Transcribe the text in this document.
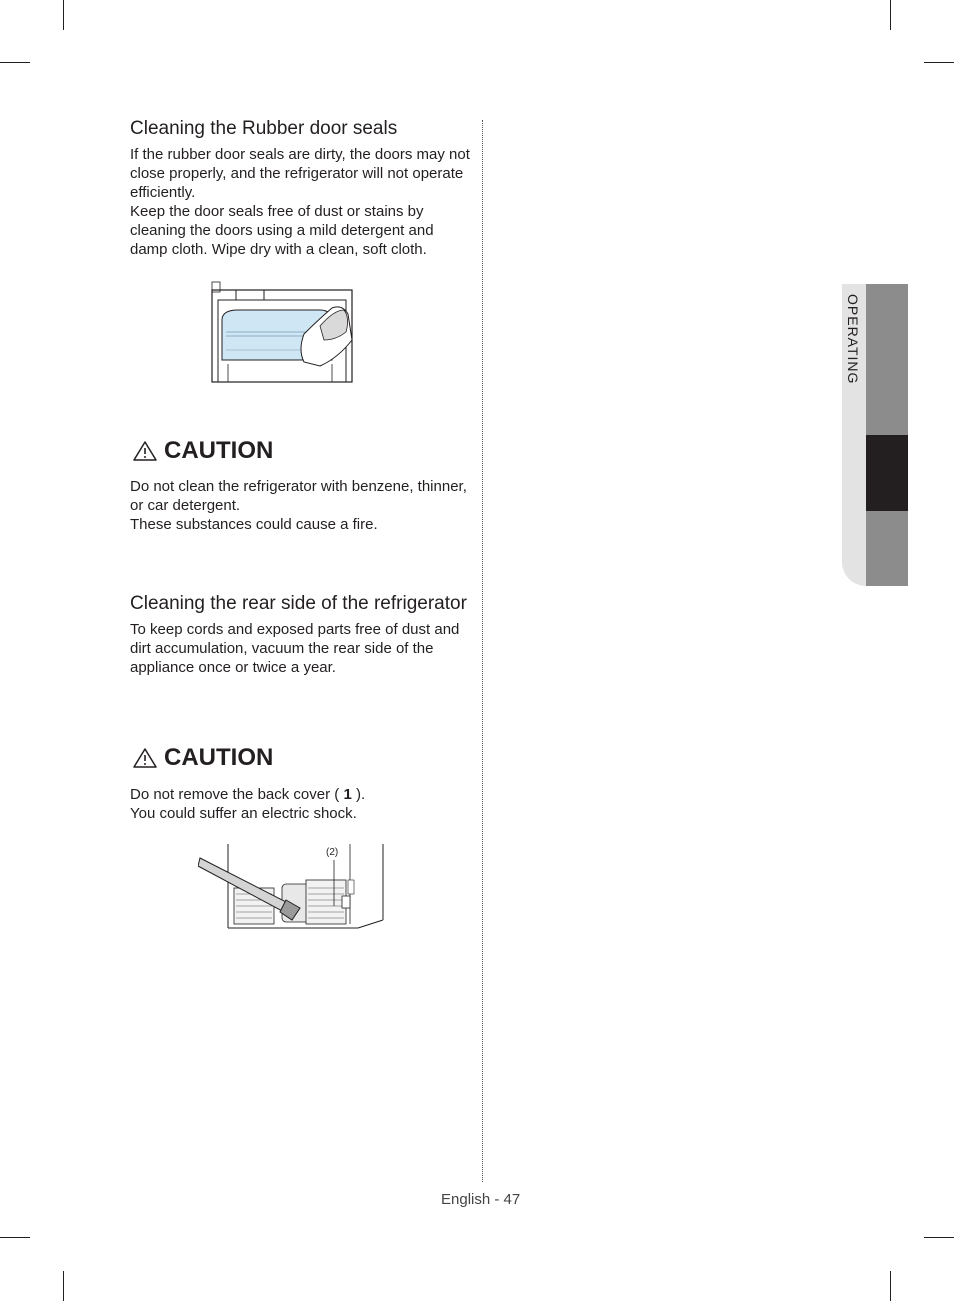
Cleaning the Rubber door seals

If the rubber door seals are dirty, the doors may not close properly, and the refrigerator will not operate efficiently.

Keep the door seals free of dust or stains by cleaning the doors using a mild detergent and damp cloth. Wipe dry with a clean, soft cloth.

CAUTION

Do not clean the refrigerator with benzene, thinner, or car detergent.

These substances could cause a fire.

Cleaning the rear side of the refrigerator

To keep cords and exposed parts free of dust and dirt accumulation, vacuum the rear side of the appliance once or twice a year.

CAUTION

Do not remove the back cover ( 1 ).

You could suffer an electric shock.

(2)
OPERATING
English - 47
